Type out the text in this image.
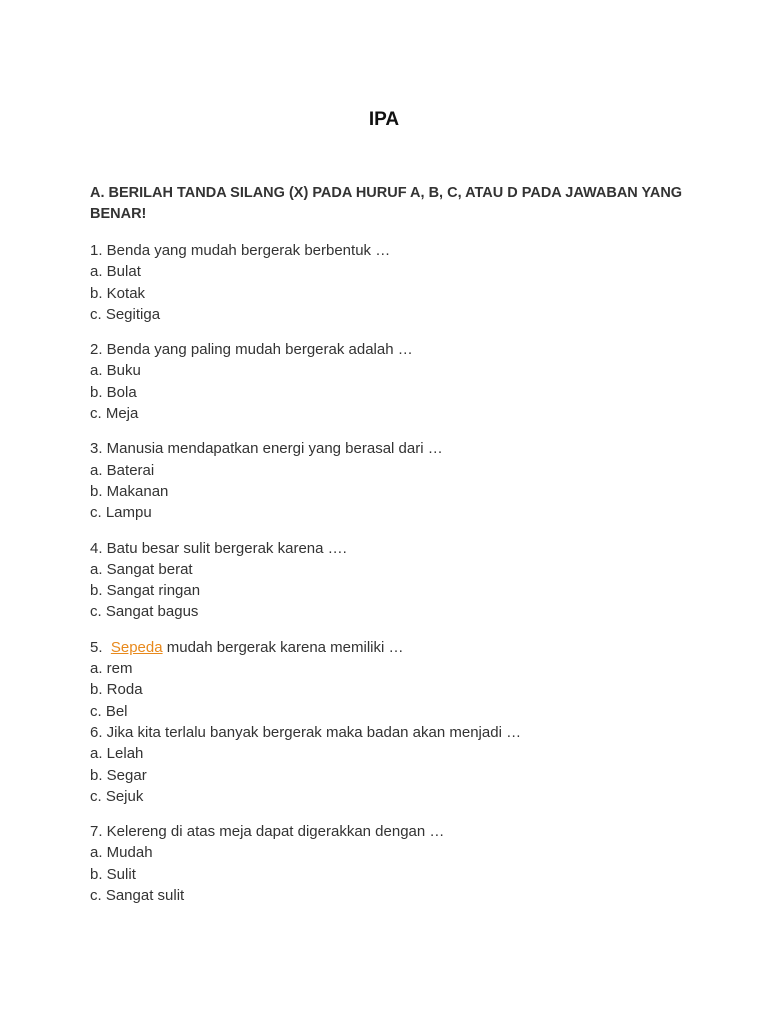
IPA
A. BERILAH TANDA SILANG (X) PADA HURUF A, B, C, ATAU D PADA JAWABAN YANG BENAR!
1. Benda yang mudah bergerak berbentuk …
a. Bulat
b. Kotak
c. Segitiga
2. Benda yang paling mudah bergerak adalah …
a. Buku
b. Bola
c. Meja
3. Manusia mendapatkan energi yang berasal dari …
a. Baterai
b. Makanan
c. Lampu
4. Batu besar sulit bergerak karena ….
a. Sangat berat
b. Sangat ringan
c. Sangat bagus
5. Sepeda mudah bergerak karena memiliki …
a. rem
b. Roda
c. Bel
6. Jika kita terlalu banyak bergerak maka badan akan menjadi …
a. Lelah
b. Segar
c. Sejuk
7. Kelereng di atas meja dapat digerakkan dengan …
a. Mudah
b. Sulit
c. Sangat sulit
